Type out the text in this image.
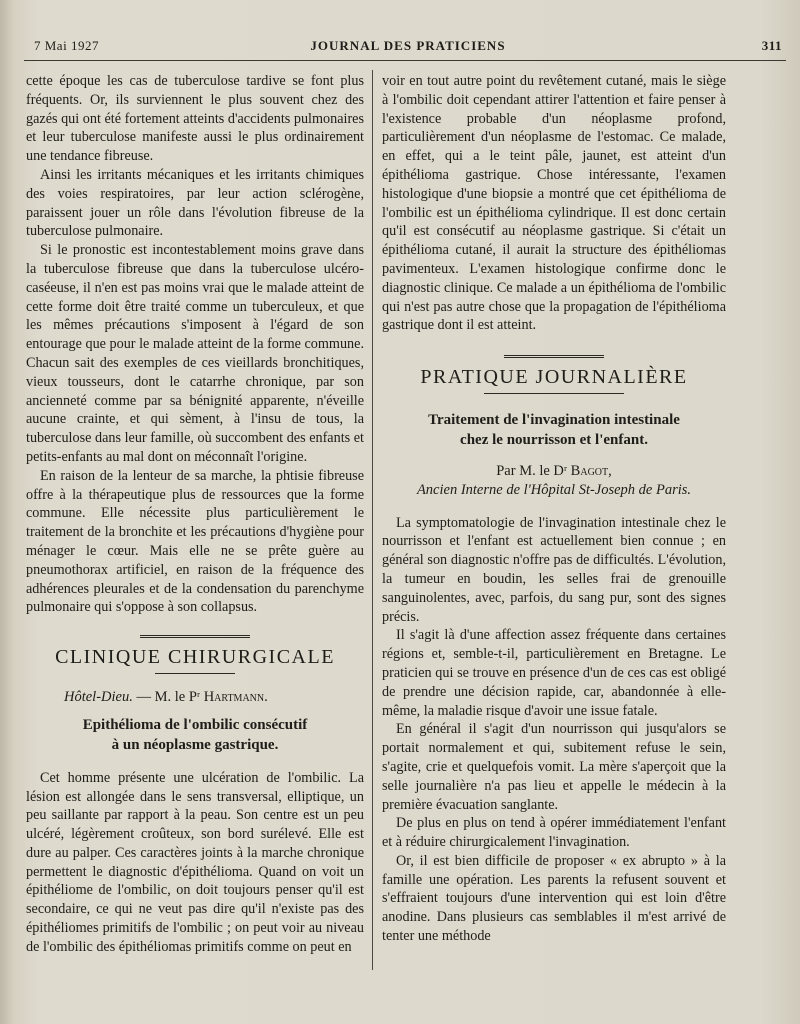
7 Mai 1927	JOURNAL DES PRATICIENS	311

cette époque les cas de tuberculose tardive se font plus fréquents. Or, ils surviennent le plus souvent chez des gazés qui ont été fortement atteints d'accidents pulmonaires et leur tuberculose manifeste aussi le plus ordinairement une tendance fibreuse.

Ainsi les irritants mécaniques et les irritants chimiques des voies respiratoires, par leur action sclérogène, paraissent jouer un rôle dans l'évolution fibreuse de la tuberculose pulmonaire.

Si le pronostic est incontestablement moins grave dans la tuberculose fibreuse que dans la tuberculose ulcéro-caséeuse, il n'en est pas moins vrai que le malade atteint de cette forme doit être traité comme un tuberculeux, et que les mêmes précautions s'imposent à l'égard de son entourage que pour le malade atteint de la forme commune. Chacun sait des exemples de ces vieillards bronchitiques, vieux tousseurs, dont le catarrhe chronique, par son ancienneté comme par sa bénignité apparente, n'éveille aucune crainte, et qui sèment, à l'insu de tous, la tuberculose dans leur famille, où succombent des enfants et petits-enfants au mal dont on méconnaît l'origine.

En raison de la lenteur de sa marche, la phtisie fibreuse offre à la thérapeutique plus de ressources que la forme commune. Elle nécessite plus particulièrement le traitement de la bronchite et les précautions d'hygiène pour ménager le cœur. Mais elle ne se prête guère au pneumothorax artificiel, en raison de la fréquence des adhérences pleurales et de la condensation du parenchyme pulmonaire qui s'oppose à son collapsus.

CLINIQUE CHIRURGICALE
Hôtel-Dieu. — M. le Pʳ Hartmann.
Epithélioma de l'ombilic consécutif
à un néoplasme gastrique.

Cet homme présente une ulcération de l'ombilic. La lésion est allongée dans le sens transversal, elliptique, un peu saillante par rapport à la peau. Son centre est un peu ulcéré, légèrement croûteux, son bord surélevé. Elle est dure au palper. Ces caractères joints à la marche chronique permettent le diagnostic d'épithélioma. Quand on voit un épithéliome de l'ombilic, on doit toujours penser qu'il est secondaire, ce qui ne veut pas dire qu'il n'existe pas des épithéliomes primitifs de l'ombilic ; on peut voir au niveau de l'ombilic des épithéliomas primitifs comme on peut en

voir en tout autre point du revêtement cutané, mais le siège à l'ombilic doit cependant attirer l'attention et faire penser à l'existence probable d'un néoplasme profond, particulièrement d'un néoplasme de l'estomac. Ce malade, en effet, qui a le teint pâle, jaunet, est atteint d'un épithélioma gastrique. Chose intéressante, l'examen histologique d'une biopsie a montré que cet épithélioma de l'ombilic est un épithélioma cylindrique. Il est donc certain qu'il est consécutif au néoplasme gastrique. Si c'était un épithélioma cutané, il aurait la structure des épithéliomas pavimenteux. L'examen histologique confirme donc le diagnostic clinique. Ce malade a un épithélioma de l'ombilic qui n'est pas autre chose que la propagation de l'épithélioma gastrique dont il est atteint.

PRATIQUE JOURNALIÈRE
Traitement de l'invagination intestinale
chez le nourrisson et l'enfant.
Par M. le Dʳ Bagot,
Ancien Interne de l'Hôpital St-Joseph de Paris.

La symptomatologie de l'invagination intestinale chez le nourrisson et l'enfant est actuellement bien connue ; en général son diagnostic n'offre pas de difficultés. L'évolution, la tumeur en boudin, les selles frai de grenouille sanguinolentes, avec, parfois, du sang pur, sont des signes précis.

Il s'agit là d'une affection assez fréquente dans certaines régions et, semble-t-il, particulièrement en Bretagne. Le praticien qui se trouve en présence d'un de ces cas est obligé de prendre une décision rapide, car, abandonnée à elle-même, la maladie risque d'avoir une issue fatale.

En général il s'agit d'un nourrisson qui jusqu'alors se portait normalement et qui, subitement refuse le sein, s'agite, crie et quelquefois vomit. La mère s'aperçoit que la selle journalière n'a pas lieu et appelle le médecin à la première évacuation sanglante.

De plus en plus on tend à opérer immédiatement l'enfant et à réduire chirurgicalement l'invagination.

Or, il est bien difficile de proposer « ex abrupto » à la famille une opération. Les parents la refusent souvent et s'effraient toujours d'une intervention qui est loin d'être anodine. Dans plusieurs cas semblables il m'est arrivé de tenter une méthode
